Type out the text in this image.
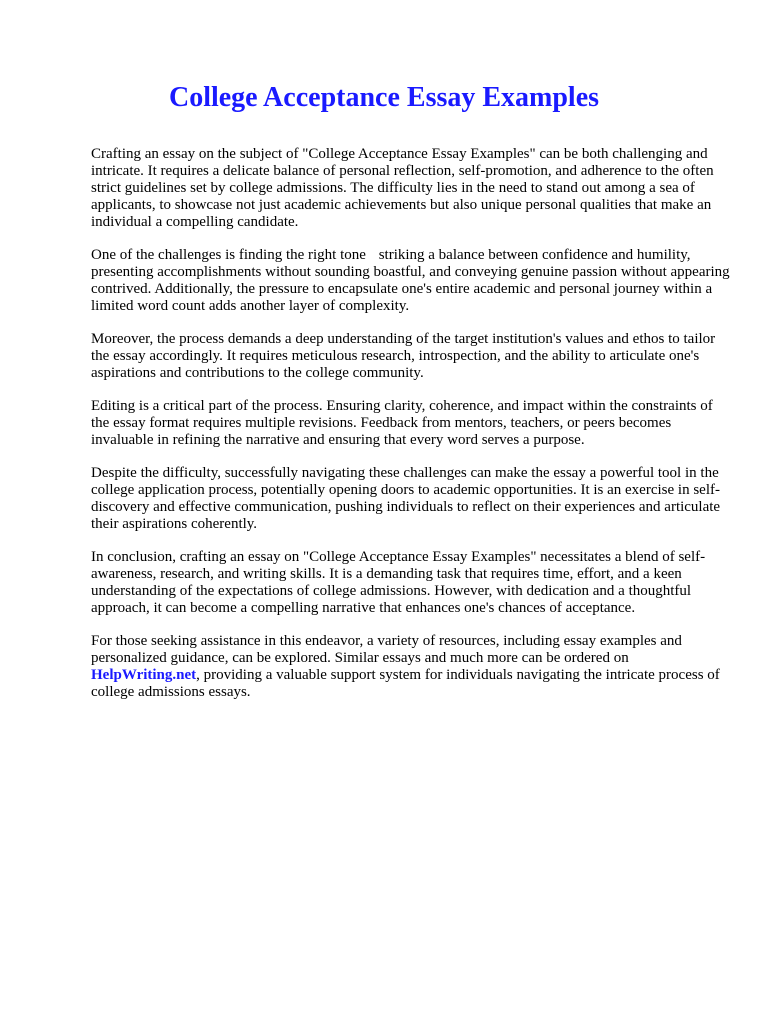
College Acceptance Essay Examples

Crafting an essay on the subject of "College Acceptance Essay Examples" can be both challenging and intricate. It requires a delicate balance of personal reflection, self-promotion, and adherence to the often strict guidelines set by college admissions. The difficulty lies in the need to stand out among a sea of applicants, to showcase not just academic achievements but also unique personal qualities that make an individual a compelling candidate.

One of the challenges is finding the right tone    striking a balance between confidence and humility, presenting accomplishments without sounding boastful, and conveying genuine passion without appearing contrived. Additionally, the pressure to encapsulate one's entire academic and personal journey within a limited word count adds another layer of complexity.

Moreover, the process demands a deep understanding of the target institution's values and ethos to tailor the essay accordingly. It requires meticulous research, introspection, and the ability to articulate one's aspirations and contributions to the college community.

Editing is a critical part of the process. Ensuring clarity, coherence, and impact within the constraints of the essay format requires multiple revisions. Feedback from mentors, teachers, or peers becomes invaluable in refining the narrative and ensuring that every word serves a purpose.

Despite the difficulty, successfully navigating these challenges can make the essay a powerful tool in the college application process, potentially opening doors to academic opportunities. It is an exercise in self-discovery and effective communication, pushing individuals to reflect on their experiences and articulate their aspirations coherently.

In conclusion, crafting an essay on "College Acceptance Essay Examples" necessitates a blend of self-awareness, research, and writing skills. It is a demanding task that requires time, effort, and a keen understanding of the expectations of college admissions. However, with dedication and a thoughtful approach, it can become a compelling narrative that enhances one's chances of acceptance.

For those seeking assistance in this endeavor, a variety of resources, including essay examples and personalized guidance, can be explored. Similar essays and much more can be ordered on HelpWriting.net, providing a valuable support system for individuals navigating the intricate process of college admissions essays.
